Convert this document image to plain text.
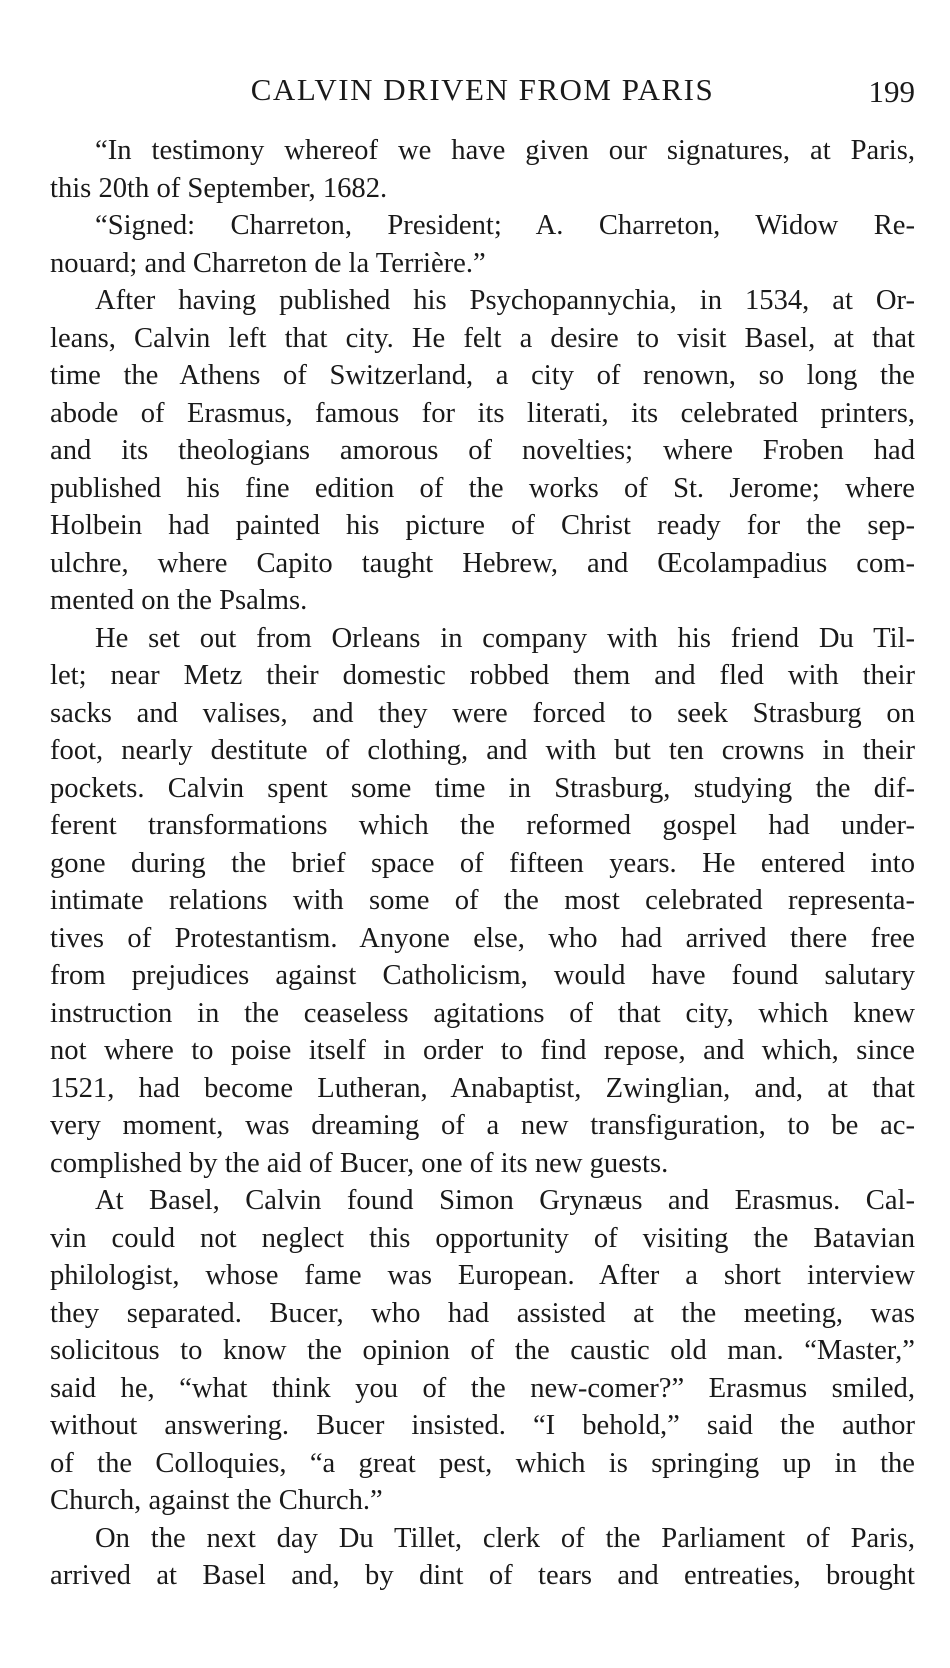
CALVIN DRIVEN FROM PARIS	199
“In testimony whereof we have given our signatures, at Paris,
this 20th of September, 1682.
“Signed: Charreton, President; A. Charreton, Widow Re-
nouard; and Charreton de la Terrière.”
After having published his Psychopannychia, in 1534, at Or-
leans, Calvin left that city. He felt a desire to visit Basel, at that
time the Athens of Switzerland, a city of renown, so long the
abode of Erasmus, famous for its literati, its celebrated printers,
and its theologians amorous of novelties; where Froben had
published his fine edition of the works of St. Jerome; where
Holbein had painted his picture of Christ ready for the sep-
ulchre, where Capito taught Hebrew, and Œcolampadius com-
mented on the Psalms.
He set out from Orleans in company with his friend Du Til-
let; near Metz their domestic robbed them and fled with their
sacks and valises, and they were forced to seek Strasburg on
foot, nearly destitute of clothing, and with but ten crowns in their
pockets. Calvin spent some time in Strasburg, studying the dif-
ferent transformations which the reformed gospel had under-
gone during the brief space of fifteen years. He entered into
intimate relations with some of the most celebrated representa-
tives of Protestantism. Anyone else, who had arrived there free
from prejudices against Catholicism, would have found salutary
instruction in the ceaseless agitations of that city, which knew
not where to poise itself in order to find repose, and which, since
1521, had become Lutheran, Anabaptist, Zwinglian, and, at that
very moment, was dreaming of a new transfiguration, to be ac-
complished by the aid of Bucer, one of its new guests.
At Basel, Calvin found Simon Grynæus and Erasmus. Cal-
vin could not neglect this opportunity of visiting the Batavian
philologist, whose fame was European. After a short interview
they separated. Bucer, who had assisted at the meeting, was
solicitous to know the opinion of the caustic old man. “Master,”
said he, “what think you of the new-comer?” Erasmus smiled,
without answering. Bucer insisted. “I behold,” said the author
of the Colloquies, “a great pest, which is springing up in the
Church, against the Church.”
On the next day Du Tillet, clerk of the Parliament of Paris,
arrived at Basel and, by dint of tears and entreaties, brought
